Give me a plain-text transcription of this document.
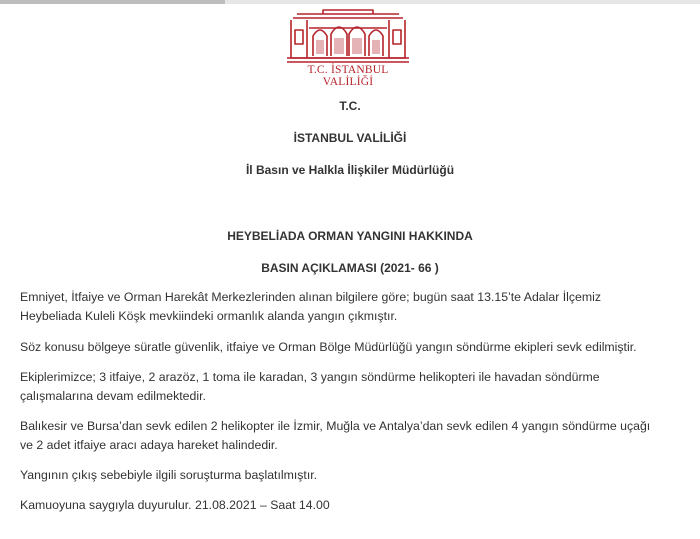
T.C. İSTANBUL VALİLİĞİ
T.C.
İSTANBUL VALİLİĞİ
İl Basın ve Halkla İlişkiler Müdürlüğü
HEYBELİADA ORMAN YANGINI HAKKINDA
BASIN AÇIKLAMASI (2021- 66 )

Emniyet, İtfaiye ve Orman Harekât Merkezlerinden alınan bilgilere göre; bugün saat 13.15’te Adalar İlçemiz
Heybeliada Kuleli Köşk mevkiindeki ormanlık alanda yangın çıkmıştır.

Söz konusu bölgeye süratle güvenlik, itfaiye ve Orman Bölge Müdürlüğü yangın söndürme ekipleri sevk edilmiştir.

Ekiplerimizce; 3 itfaiye, 2 arazöz, 1 toma ile karadan, 3 yangın söndürme helikopteri ile havadan söndürme
çalışmalarına devam edilmektedir.

Balıkesir ve Bursa’dan sevk edilen 2 helikopter ile İzmir, Muğla ve Antalya’dan sevk edilen 4 yangın söndürme uçağı
ve 2 adet itfaiye aracı adaya hareket halindedir.

Yangının çıkış sebebiyle ilgili soruşturma başlatılmıştır.

Kamuoyuna saygıyla duyurulur. 21.08.2021 – Saat 14.00
